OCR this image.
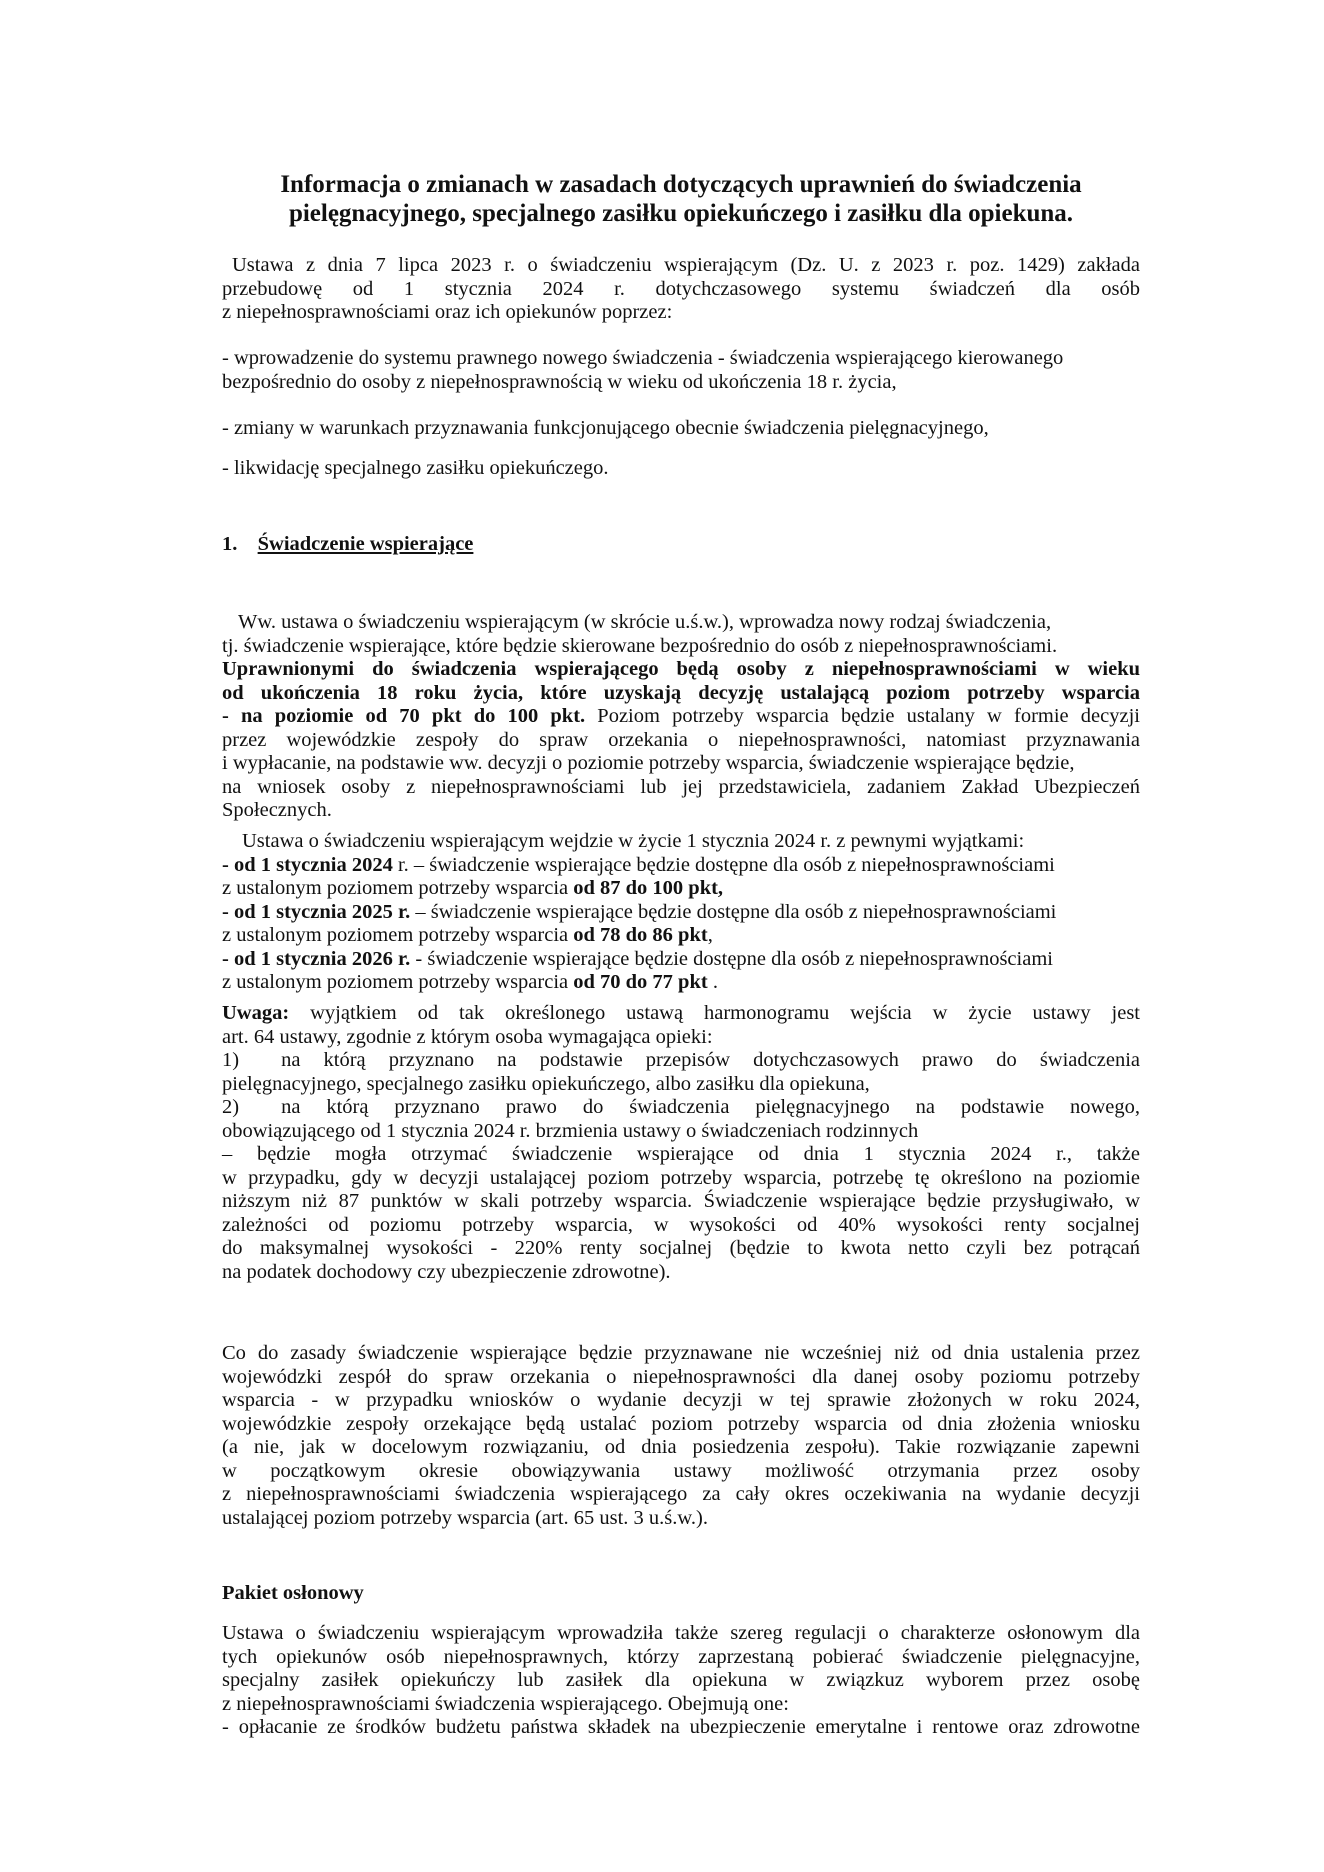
Informacja o zmianach w zasadach dotyczących uprawnień do świadczenia
pielęgnacyjnego, specjalnego zasiłku opiekuńczego i zasiłku dla opiekuna.
Ustawa z dnia 7 lipca 2023 r. o świadczeniu wspierającym (Dz. U. z 2023 r. poz. 1429) zakłada
przebudowę od 1 stycznia 2024 r. dotychczasowego systemu świadczeń dla osób
z niepełnosprawnościami oraz ich opiekunów poprzez:
- wprowadzenie do systemu prawnego nowego świadczenia - świadczenia wspierającego kierowanego
bezpośrednio do osoby z niepełnosprawnością w wieku od ukończenia 18 r. życia,
- zmiany w warunkach przyznawania funkcjonującego obecnie świadczenia pielęgnacyjnego,
- likwidację specjalnego zasiłku opiekuńczego.
1. Świadczenie wspierające
Ww. ustawa o świadczeniu wspierającym (w skrócie u.ś.w.), wprowadza nowy rodzaj świadczenia,
tj. świadczenie wspierające, które będzie skierowane bezpośrednio do osób z niepełnosprawnościami.
Uprawnionymi do świadczenia wspierającego będą osoby z niepełnosprawnościami w wieku
od ukończenia 18 roku życia, które uzyskają decyzję ustalającą poziom potrzeby wsparcia
- na poziomie od 70 pkt do 100 pkt. Poziom potrzeby wsparcia będzie ustalany w formie decyzji
przez wojewódzkie zespoły do spraw orzekania o niepełnosprawności, natomiast przyznawania
i wypłacanie, na podstawie ww. decyzji o poziomie potrzeby wsparcia, świadczenie wspierające będzie,
na wniosek osoby z niepełnosprawnościami lub jej przedstawiciela, zadaniem Zakład Ubezpieczeń
Społecznych.
Ustawa o świadczeniu wspierającym wejdzie w życie 1 stycznia 2024 r. z pewnymi wyjątkami:
- od 1 stycznia 2024 r. – świadczenie wspierające będzie dostępne dla osób z niepełnosprawnościami
z ustalonym poziomem potrzeby wsparcia od 87 do 100 pkt,
- od 1 stycznia 2025 r. – świadczenie wspierające będzie dostępne dla osób z niepełnosprawnościami
z ustalonym poziomem potrzeby wsparcia od 78 do 86 pkt,
- od 1 stycznia 2026 r. - świadczenie wspierające będzie dostępne dla osób z niepełnosprawnościami
z ustalonym poziomem potrzeby wsparcia od 70 do 77 pkt .
Uwaga: wyjątkiem od tak określonego ustawą harmonogramu wejścia w życie ustawy jest
art. 64 ustawy, zgodnie z którym osoba wymagająca opieki:
1) na którą przyznano na podstawie przepisów dotychczasowych prawo do świadczenia
pielęgnacyjnego, specjalnego zasiłku opiekuńczego, albo zasiłku dla opiekuna,
2) na którą przyznano prawo do świadczenia pielęgnacyjnego na podstawie nowego,
obowiązującego od 1 stycznia 2024 r. brzmienia ustawy o świadczeniach rodzinnych
– będzie mogła otrzymać świadczenie wspierające od dnia 1 stycznia 2024 r., także
w przypadku, gdy w decyzji ustalającej poziom potrzeby wsparcia, potrzebę tę określono na poziomie
niższym niż 87 punktów w skali potrzeby wsparcia. Świadczenie wspierające będzie przysługiwało, w
zależności od poziomu potrzeby wsparcia, w wysokości od 40% wysokości renty socjalnej
do maksymalnej wysokości - 220% renty socjalnej (będzie to kwota netto czyli bez potrącań
na podatek dochodowy czy ubezpieczenie zdrowotne).
Co do zasady świadczenie wspierające będzie przyznawane nie wcześniej niż od dnia ustalenia przez
wojewódzki zespół do spraw orzekania o niepełnosprawności dla danej osoby poziomu potrzeby
wsparcia - w przypadku wniosków o wydanie decyzji w tej sprawie złożonych w roku 2024,
wojewódzkie zespoły orzekające będą ustalać poziom potrzeby wsparcia od dnia złożenia wniosku
(a nie, jak w docelowym rozwiązaniu, od dnia posiedzenia zespołu). Takie rozwiązanie zapewni
w początkowym okresie obowiązywania ustawy możliwość otrzymania przez osoby
z niepełnosprawnościami świadczenia wspierającego za cały okres oczekiwania na wydanie decyzji
ustalającej poziom potrzeby wsparcia (art. 65 ust. 3 u.ś.w.).
Pakiet osłonowy
Ustawa o świadczeniu wspierającym wprowadziła także szereg regulacji o charakterze osłonowym dla
tych opiekunów osób niepełnosprawnych, którzy zaprzestaną pobierać świadczenie pielęgnacyjne,
specjalny zasiłek opiekuńczy lub zasiłek dla opiekuna w związkuz wyborem przez osobę
z niepełnosprawnościami świadczenia wspierającego. Obejmują one:
- opłacanie ze środków budżetu państwa składek na ubezpieczenie emerytalne i rentowe oraz zdrowotne
